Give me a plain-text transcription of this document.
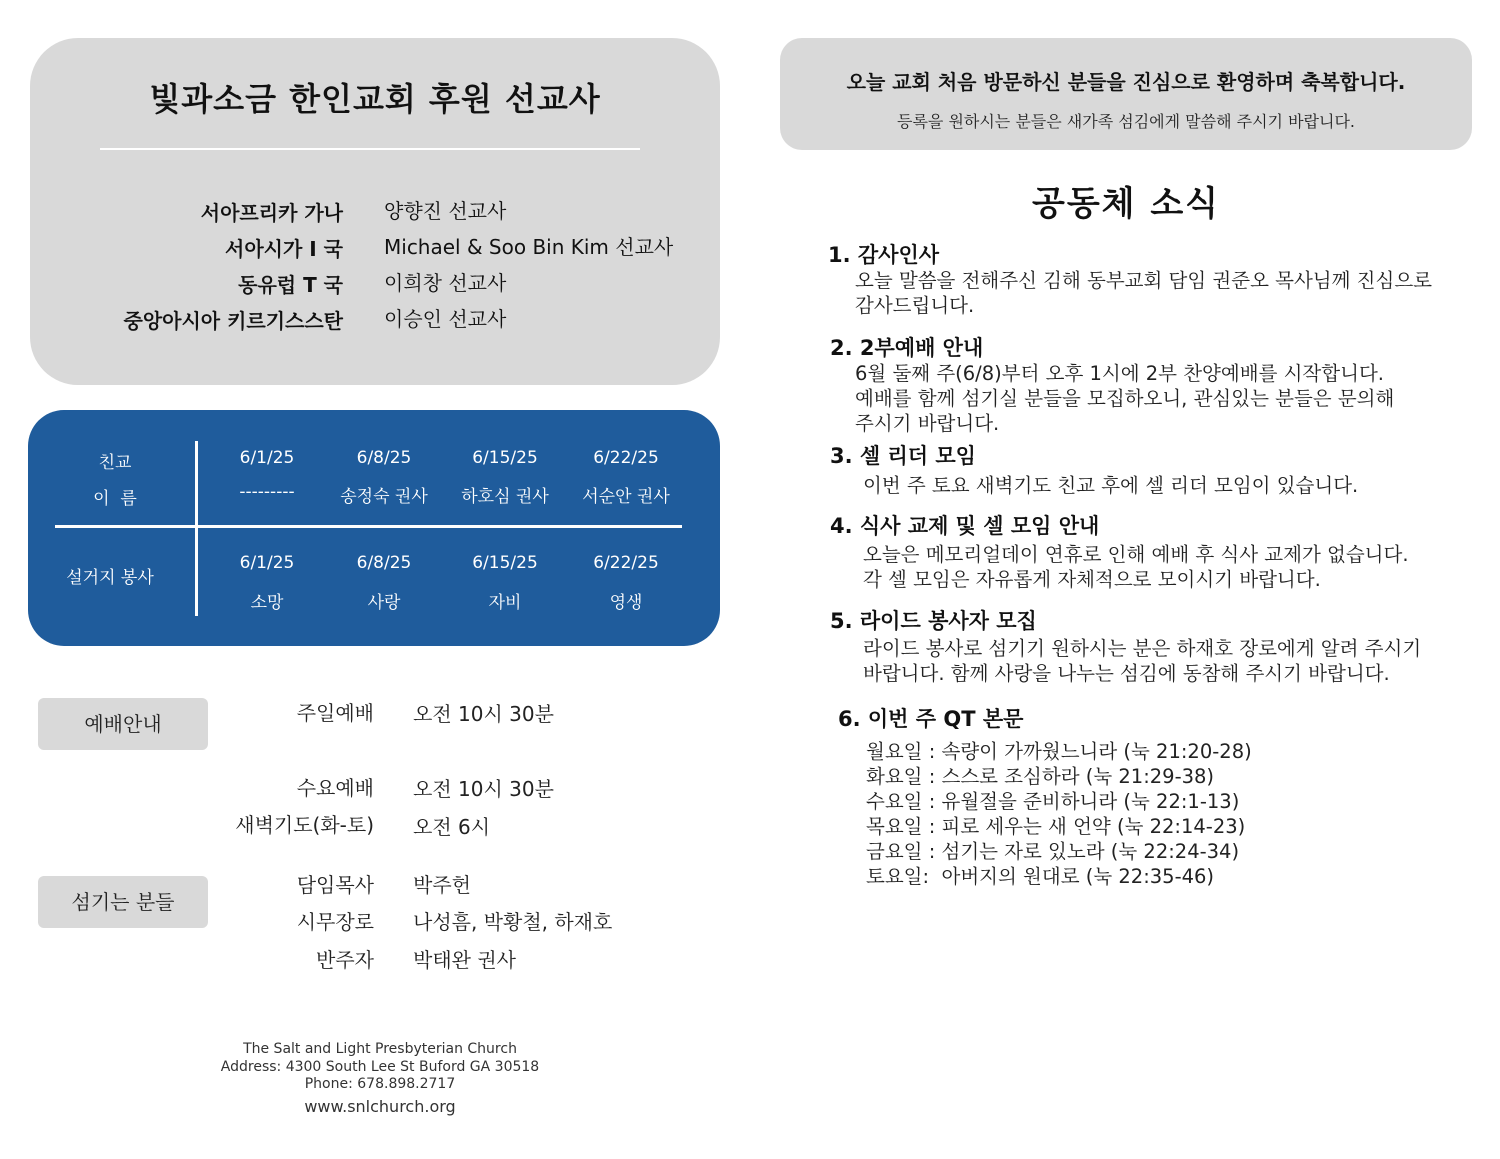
빛과소금 한인교회 후원 선교사
서아프리카 가나 양향진 선교사
서아시가 I 국 Michael & Soo Bin Kim 선교사
동유럽 T 국 이희창 선교사
중앙아시아 키르기스스탄 이승인 선교사
친교
이  름
6/1/25
---------
6/8/25
송정숙 권사
6/15/25
하호심 권사
6/22/25
서순안 권사
설거지 봉사
6/1/25
소망
6/8/25
사랑
6/15/25
자비
6/22/25
영생
예배안내	주일예배 오전 10시 30분
수요예배 오전 10시 30분
새벽기도(화-토) 오전 6시
섬기는 분들
담임목사 박주헌
시무장로 나성흠, 박황철, 하재호
반주자 박태완 권사
The Salt and Light Presbyterian Church
Address: 4300 South Lee St Buford GA 30518
Phone: 678.898.2717
www.snlchurch.org
오늘 교회 처음 방문하신 분들을 진심으로 환영하며 축복합니다.
등록을 원하시는 분들은 새가족 섬김에게 말씀해 주시기 바랍니다.
공동체 소식
1. 감사인사
오늘 말씀을 전해주신 김해 동부교회 담임 권준오 목사님께 진심으로
감사드립니다.
2. 2부예배 안내
6월 둘째 주(6/8)부터 오후 1시에 2부 찬양예배를 시작합니다.
예배를 함께 섬기실 분들을 모집하오니, 관심있는 분들은 문의해
주시기 바랍니다.
3. 셀 리더 모임
이번 주 토요 새벽기도 친교 후에 셀 리더 모임이 있습니다.
4. 식사 교제 및 셀 모임 안내
오늘은 메모리얼데이 연휴로 인해 예배 후 식사 교제가 없습니다.
각 셀 모임은 자유롭게 자체적으로 모이시기 바랍니다.
5. 라이드 봉사자 모집
라이드 봉사로 섬기기 원하시는 분은 하재호 장로에게 알려 주시기
바랍니다. 함께 사랑을 나누는 섬김에 동참해 주시기 바랍니다.
6. 이번 주 QT 본문
월요일 : 속량이 가까웠느니라 (눅 21:20-28)
화요일 : 스스로 조심하라 (눅 21:29-38)
수요일 : 유월절을 준비하니라 (눅 22:1-13)
목요일 : 피로 세우는 새 언약 (눅 22:14-23)
금요일 : 섬기는 자로 있노라 (눅 22:24-34)
토요일:  아버지의 원대로 (눅 22:35-46)
